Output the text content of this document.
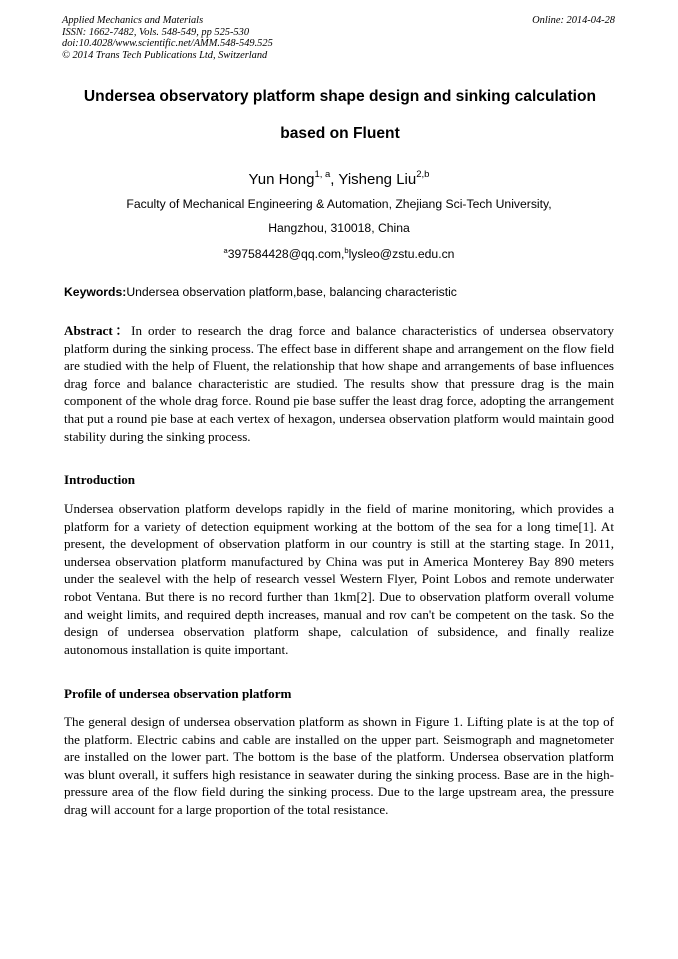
Applied Mechanics and Materials
ISSN: 1662-7482, Vols. 548-549, pp 525-530
doi:10.4028/www.scientific.net/AMM.548-549.525
© 2014 Trans Tech Publications Ltd, Switzerland
Online: 2014-04-28
Undersea observatory platform shape design and sinking calculation
based on Fluent
Yun Hong$^{1, a}$, Yisheng Liu$^{2,b}$
Faculty of Mechanical Engineering & Automation, Zhejiang Sci-Tech University,
Hangzhou, 310018, China
$^a$397584428@qq.com,$^b$lysleo@zstu.edu.cn
Keywords:Undersea observation platform,base, balancing characteristic
Abstract：In order to research the drag force and balance characteristics of undersea observatory platform during the sinking process. The effect base in different shape and arrangement on the flow field are studied with the help of Fluent, the relationship that how shape and arrangements of base influences drag force and balance characteristic are studied. The results show that pressure drag is the main component of the whole drag force. Round pie base suffer the least drag force, adopting the arrangement that put a round pie base at each vertex of hexagon, undersea observation platform would maintain good stability during the sinking process.
Introduction
Undersea observation platform develops rapidly in the field of marine monitoring, which provides a platform for a variety of detection equipment working at the bottom of the sea for a long time[1]. At present, the development of observation platform in our country is still at the starting stage. In 2011, undersea observation platform manufactured by China was put in America Monterey Bay 890 meters under the sealevel with the help of research vessel Western Flyer, Point Lobos and remote underwater robot Ventana. But there is no record further than 1km[2]. Due to observation platform overall volume and weight limits, and required depth increases, manual and rov can't be competent on the task. So the design of undersea observation platform shape, calculation of subsidence, and finally realize autonomous installation is quite important.
Profile of undersea observation platform
The general design of undersea observation platform as shown in Figure 1. Lifting plate is at the top of the platform. Electric cabins and cable are installed on the upper part. Seismograph and magnetometer are installed on the lower part. The bottom is the base of the platform. Undersea observation platform was blunt overall, it suffers high resistance in seawater during the sinking process. Base are in the high-pressure area of the flow field during the sinking process. Due to the large upstream area, the pressure drag will account for a large proportion of the total resistance.
